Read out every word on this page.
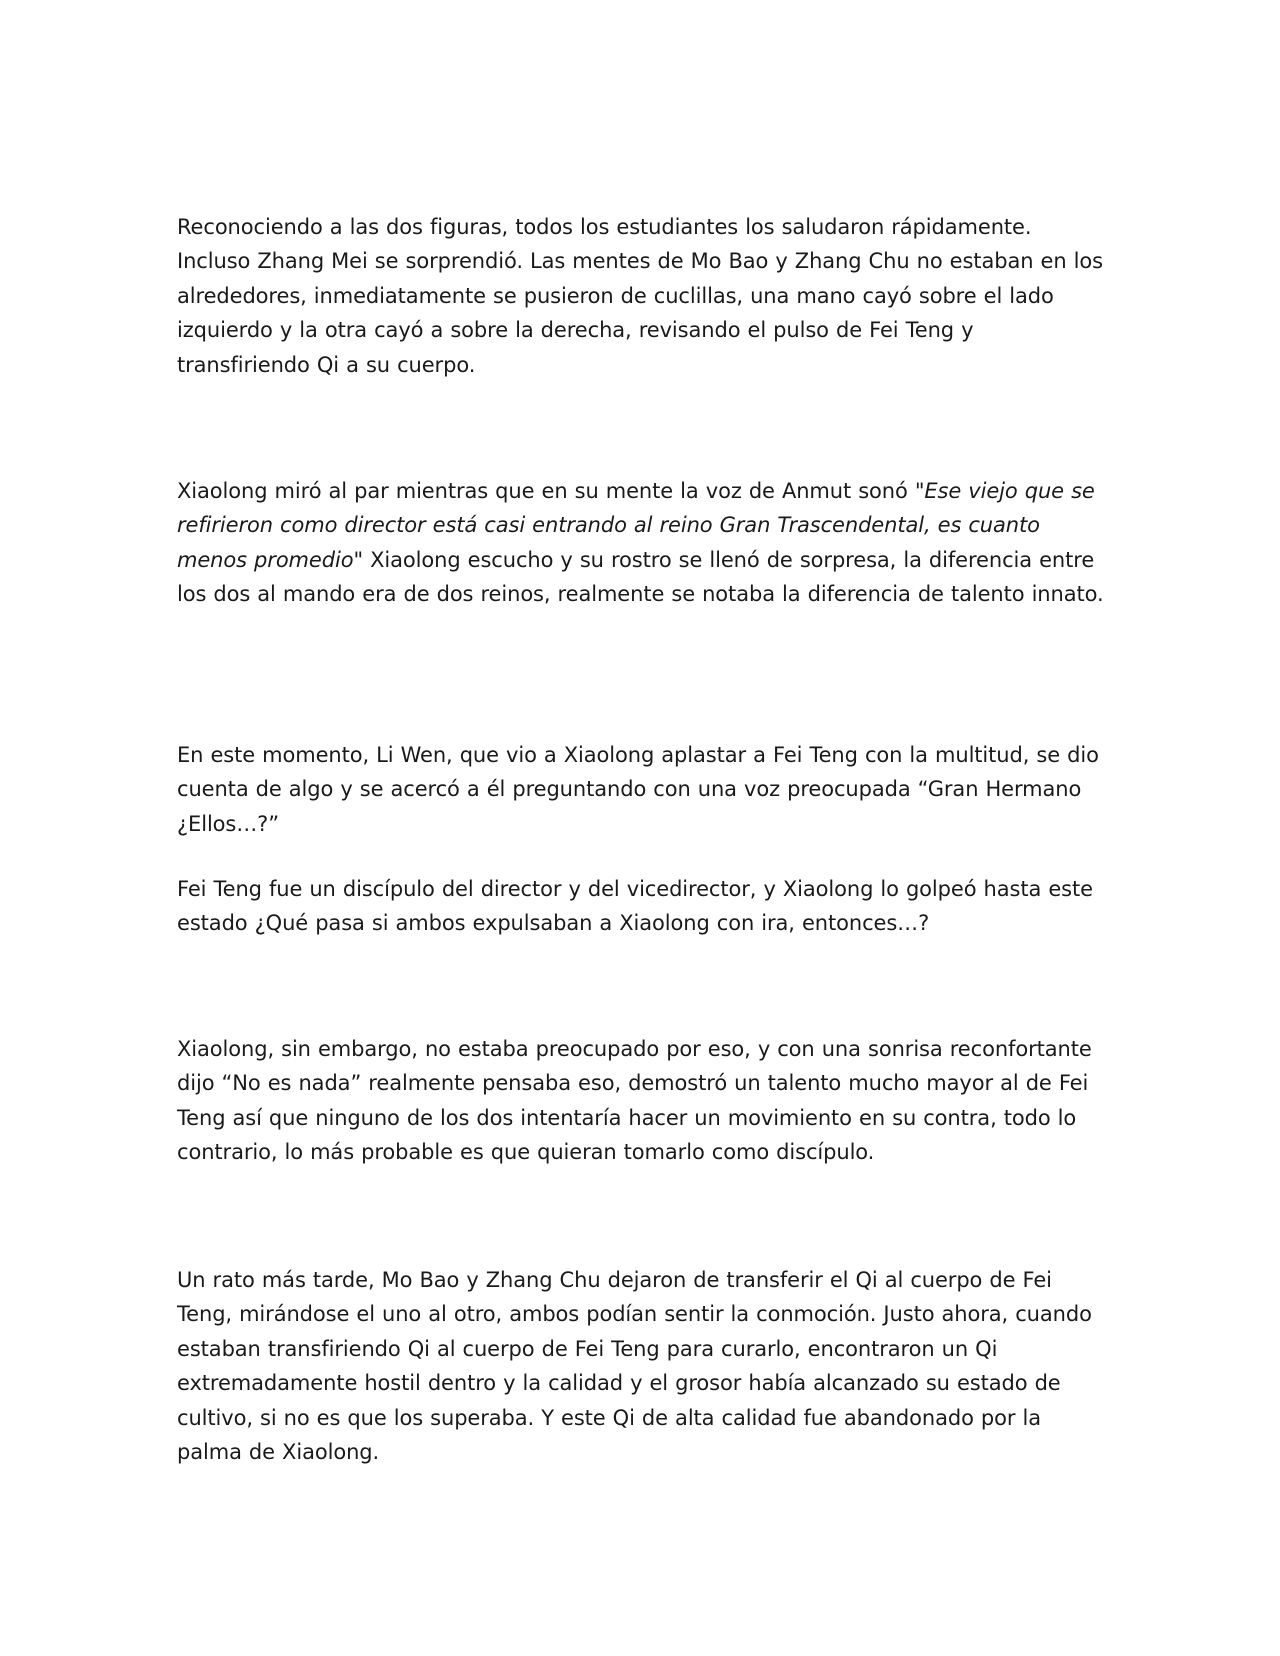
Reconociendo a las dos figuras, todos los estudiantes los saludaron rápidamente. Incluso Zhang Mei se sorprendió. Las mentes de Mo Bao y Zhang Chu no estaban en los alrededores, inmediatamente se pusieron de cuclillas, una mano cayó sobre el lado izquierdo y la otra cayó a sobre la derecha, revisando el pulso de Fei Teng y transfiriendo Qi a su cuerpo.

Xiaolong miró al par mientras que en su mente la voz de Anmut sonó "Ese viejo que se refirieron como director está casi entrando al reino Gran Trascendental, es cuanto menos promedio" Xiaolong escucho y su rostro se llenó de sorpresa, la diferencia entre los dos al mando era de dos reinos, realmente se notaba la diferencia de talento innato.

En este momento, Li Wen, que vio a Xiaolong aplastar a Fei Teng con la multitud, se dio cuenta de algo y se acercó a él preguntando con una voz preocupada “Gran Hermano ¿Ellos…?”

Fei Teng fue un discípulo del director y del vicedirector, y Xiaolong lo golpeó hasta este estado ¿Qué pasa si ambos expulsaban a Xiaolong con ira, entonces…?

Xiaolong, sin embargo, no estaba preocupado por eso, y con una sonrisa reconfortante dijo “No es nada” realmente pensaba eso, demostró un talento mucho mayor al de Fei Teng así que ninguno de los dos intentaría hacer un movimiento en su contra, todo lo contrario, lo más probable es que quieran tomarlo como discípulo.

Un rato más tarde, Mo Bao y Zhang Chu dejaron de transferir el Qi al cuerpo de Fei Teng, mirándose el uno al otro, ambos podían sentir la conmoción. Justo ahora, cuando estaban transfiriendo Qi al cuerpo de Fei Teng para curarlo, encontraron un Qi extremadamente hostil dentro y la calidad y el grosor había alcanzado su estado de cultivo, si no es que los superaba. Y este Qi de alta calidad fue abandonado por la palma de Xiaolong.
